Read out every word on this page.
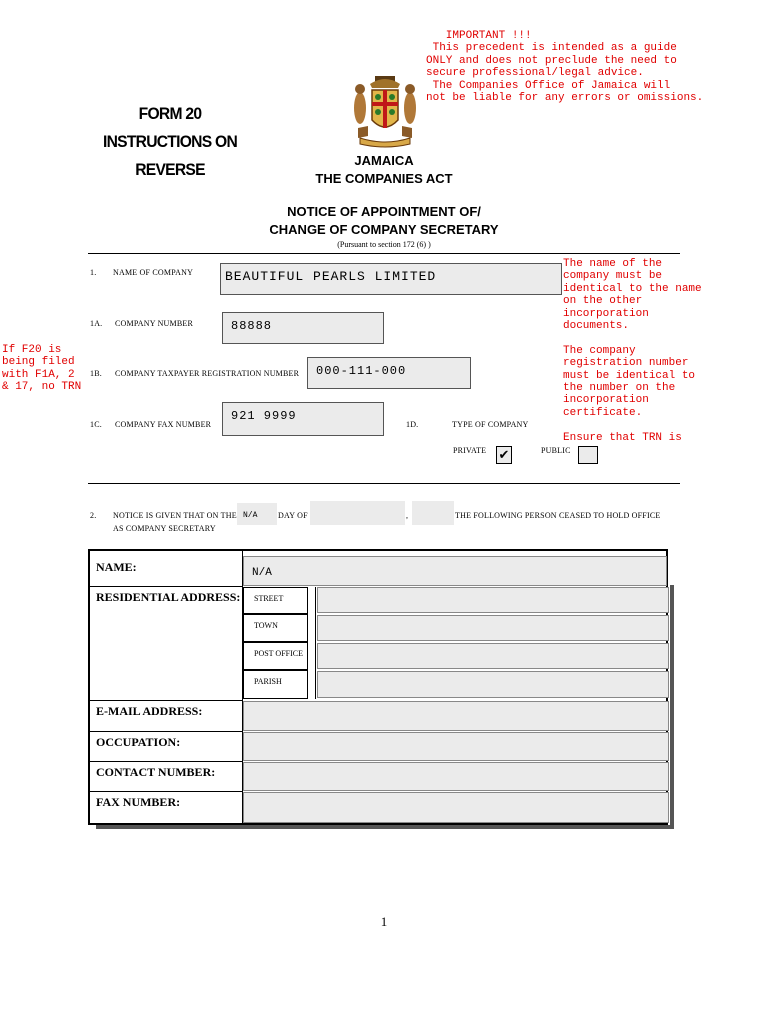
IMPORTANT !!!
This precedent is intended as a guide
ONLY and does not preclude the need to
secure professional/legal advice.
The Companies Office of Jamaica will
not be liable for any errors or omissions.
FORM 20
INSTRUCTIONS ON REVERSE	JAMAICA
THE COMPANIES ACT
NOTICE OF APPOINTMENT OF/
CHANGE OF COMPANY SECRETARY
(Pursuant to section 172 (6) )
1. NAME OF COMPANY	BEAUTIFUL PEARLS LIMITED
1A. COMPANY NUMBER	88888
1B. COMPANY TAXPAYER REGISTRATION NUMBER	000-111-000
1C. COMPANY FAX NUMBER
921 9999
1D.	TYPE OF COMPANY
PRIVATE ✔	PUBLIC
The name of the
company must be
identical to the name
on the other
incorporation
documents.

The company
registration number
must be identical to
the number on the
incorporation
certificate.

Ensure that TRN is
If F20 is
being filed
with F1A, 2
& 17, no TRN
2. NOTICE IS GIVEN THAT ON THE N/A	DAY OF	,	THE FOLLOWING PERSON CEASED TO HOLD OFFICE
AS COMPANY SECRETARY
NAME:	N/A
RESIDENTIAL ADDRESS:	STREET
TOWN
POST OFFICE
PARISH
E-MAIL ADDRESS:
OCCUPATION:
CONTACT NUMBER:
FAX NUMBER:
1
